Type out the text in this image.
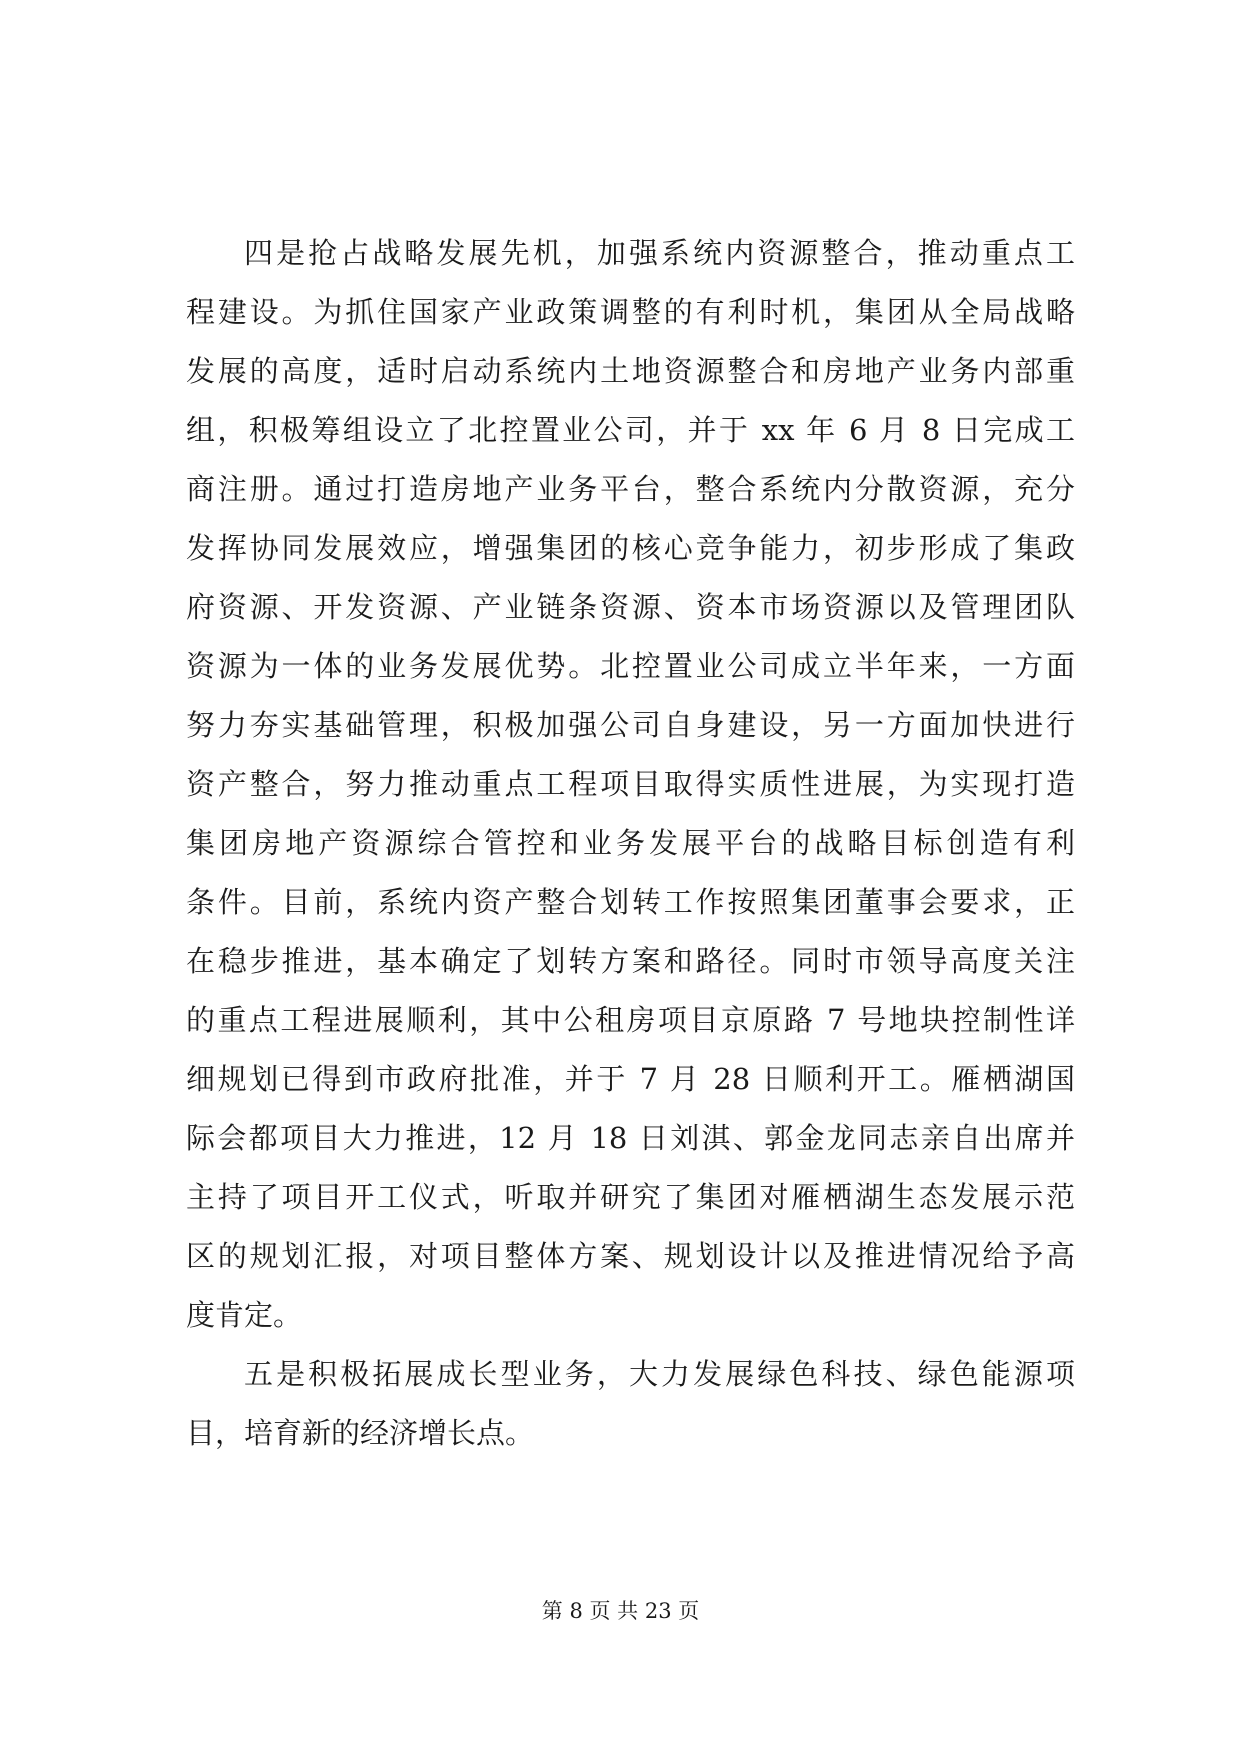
四是抢占战略发展先机，加强系统内资源整合，推动重点工
程建设。为抓住国家产业政策调整的有利时机，集团从全局战略
发展的高度，适时启动系统内土地资源整合和房地产业务内部重
组，积极筹组设立了北控置业公司，并于 xx 年 6 月 8 日完成工
商注册。通过打造房地产业务平台，整合系统内分散资源，充分
发挥协同发展效应，增强集团的核心竞争能力，初步形成了集政
府资源、开发资源、产业链条资源、资本市场资源以及管理团队
资源为一体的业务发展优势。北控置业公司成立半年来，一方面
努力夯实基础管理，积极加强公司自身建设，另一方面加快进行
资产整合，努力推动重点工程项目取得实质性进展，为实现打造
集团房地产资源综合管控和业务发展平台的战略目标创造有利
条件。目前，系统内资产整合划转工作按照集团董事会要求，正
在稳步推进，基本确定了划转方案和路径。同时市领导高度关注
的重点工程进展顺利，其中公租房项目京原路 7 号地块控制性详
细规划已得到市政府批准，并于 7 月 28 日顺利开工。雁栖湖国
际会都项目大力推进，12 月 18 日刘淇、郭金龙同志亲自出席并
主持了项目开工仪式，听取并研究了集团对雁栖湖生态发展示范
区的规划汇报，对项目整体方案、规划设计以及推进情况给予高
度肯定。
五是积极拓展成长型业务，大力发展绿色科技、绿色能源项
目，培育新的经济增长点。
第 8 页 共 23 页
